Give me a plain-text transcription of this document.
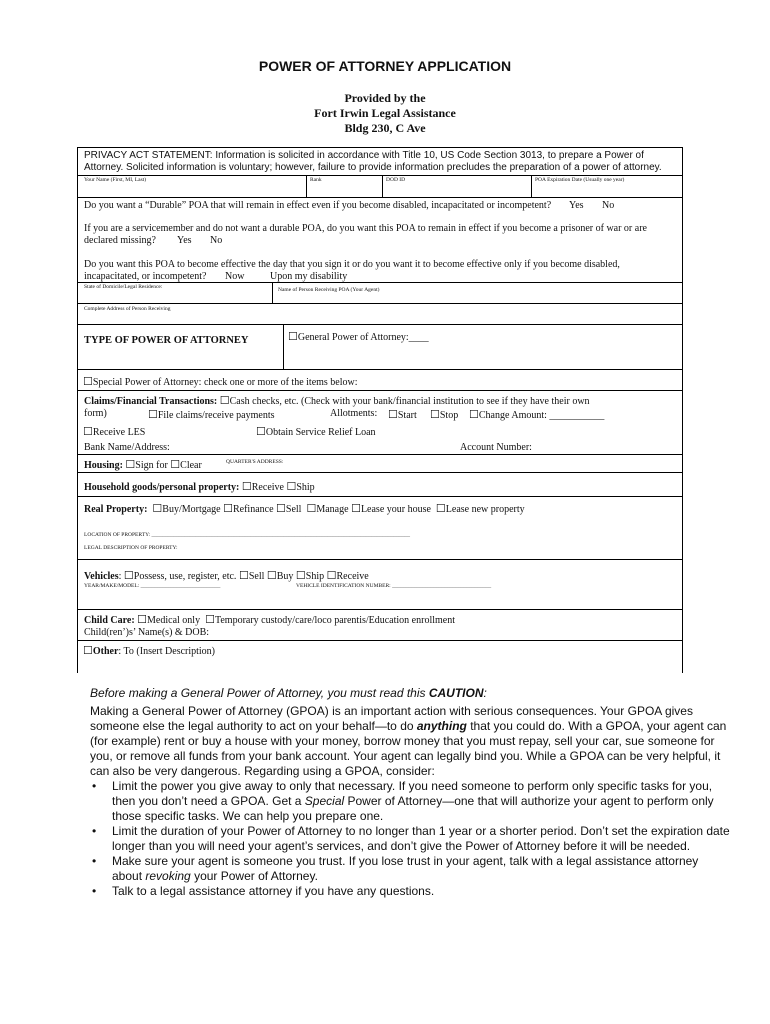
POWER OF ATTORNEY APPLICATION
Provided by the
Fort Irwin Legal Assistance
Bldg 230, C Ave
PRIVACY ACT STATEMENT: Information is solicited in accordance with Title 10, US Code Section 3013, to prepare a Power of
Attorney. Solicited information is voluntary; however, failure to provide information precludes the preparation of a power of attorney.
Your Name (First, MI, Last)	Rank	DOD ID	POA Expiration Date (Usually one year)
Do you want a “Durable” POA that will remain in effect even if you become disabled, incapacitated or incompetent? Yes No
If you are a servicemember and do not want a durable POA, do you want this POA to remain in effect if you become a prisoner of war or are
declared missing? Yes No
Do you want this POA to become effective the day that you sign it or do you want it to become effective only if you become disabled,
incapacitated, or incompetent? Now	Upon my disability
State of Domicile/Legal Residence:	Name of Person Receiving POA (Your Agent)
Complete Address of Person Receiving
TYPE OF POWER OF ATTORNEY	☐General Power of Attorney:____
☐Special Power of Attorney: check one or more of the items below:
Claims/Financial Transactions: ☐Cash checks, etc. (Check with your bank/financial institution to see if they have their own
form)	☐File claims/receive payments	Allotments: ☐Start ☐Stop ☐Change Amount: ___________
☐Receive LES	☐Obtain Service Relief Loan
Bank Name/Address:	Account Number:
Housing: ☐Sign for ☐Clear	QUARTER'S ADDRESS:
Household goods/personal property: ☐Receive ☐Ship
Real Property: ☐Buy/Mortgage ☐Refinance ☐Sell ☐Manage ☐Lease your house ☐Lease new property
LOCATION OF PROPERTY: ______________________________________________________________________________________________
LEGAL DESCRIPTION OF PROPERTY:
Vehicles: ☐Possess, use, register, etc. ☐Sell ☐Buy ☐Ship ☐Receive
YEAR/MAKE/MODEL: _____________________________	VEHICLE IDENTIFICATION NUMBER: ____________________________________
Child Care: ☐Medical only ☐Temporary custody/care/loco parentis/Education enrollment
Child(ren’)s’ Name(s) & DOB:
☐Other: To (Insert Description)
Before making a General Power of Attorney, you must read this CAUTION:
Making a General Power of Attorney (GPOA) is an important action with serious consequences. Your GPOA gives someone else the legal authority to act on your behalf—to do anything that you could do. With a GPOA, your agent can (for example) rent or buy a house with your money, borrow money that you must repay, sell your car, sue someone for you, or remove all funds from your bank account. Your agent can legally bind you. While a GPOA can be very helpful, it can also be very dangerous. Regarding using a GPOA, consider:
• Limit the power you give away to only that necessary. If you need someone to perform only specific tasks for you, then you don’t need a GPOA. Get a Special Power of Attorney—one that will authorize your agent to perform only those specific tasks. We can help you prepare one.
• Limit the duration of your Power of Attorney to no longer than 1 year or a shorter period. Don’t set the expiration date longer than you will need your agent’s services, and don’t give the Power of Attorney before it will be needed.
• Make sure your agent is someone you trust. If you lose trust in your agent, talk with a legal assistance attorney about revoking your Power of Attorney.
• Talk to a legal assistance attorney if you have any questions.
